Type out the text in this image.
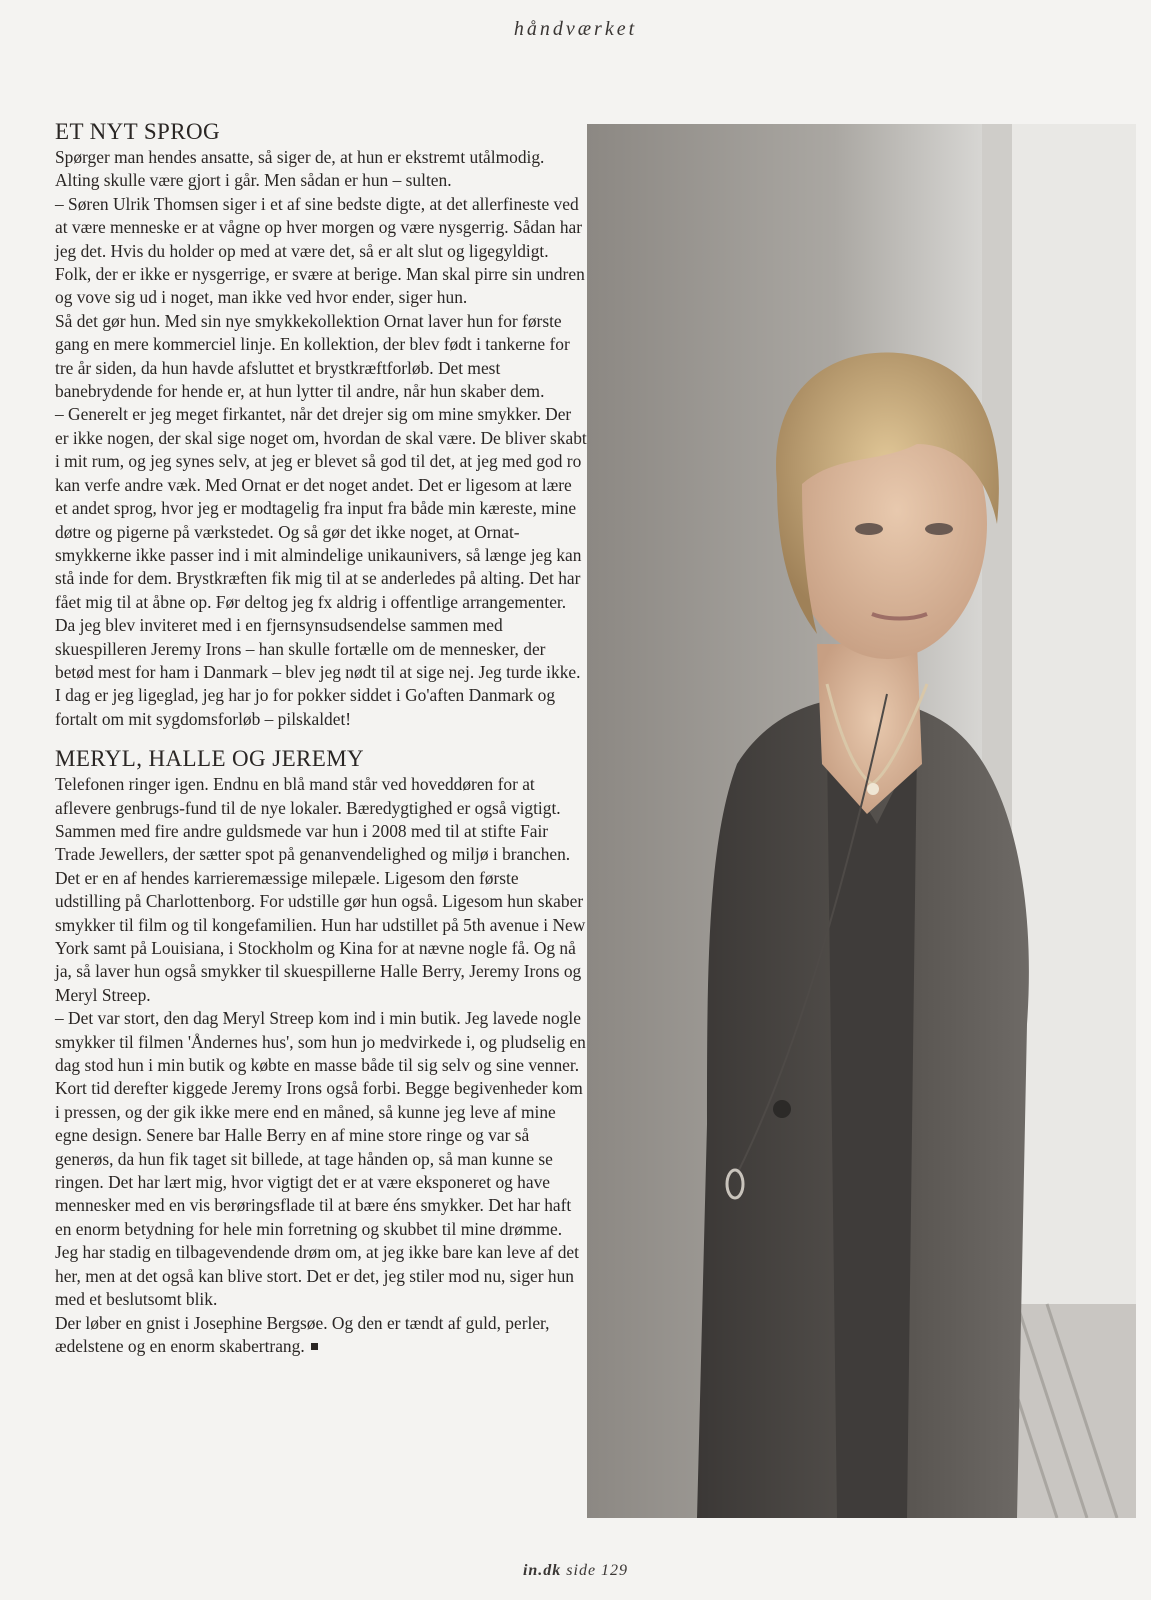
håndværket
ET NYT SPROG

Spørger man hendes ansatte, så siger de, at hun er ekstremt utålmodig. Alting skulle være gjort i går. Men sådan er hun – sulten.

– Søren Ulrik Thomsen siger i et af sine bedste digte, at det allerfineste ved at være menneske er at vågne op hver morgen og være nysgerrig. Sådan har jeg det. Hvis du holder op med at være det, så er alt slut og ligegyldigt. Folk, der er ikke er nysgerrige, er svære at berige. Man skal pirre sin undren og vove sig ud i noget, man ikke ved hvor ender, siger hun.

Så det gør hun. Med sin nye smykkekollektion Ornat laver hun for første gang en mere kommerciel linje. En kollektion, der blev født i tankerne for tre år siden, da hun havde afsluttet et brystkræftforløb. Det mest banebrydende for hende er, at hun lytter til andre, når hun skaber dem.

– Generelt er jeg meget firkantet, når det drejer sig om mine smykker. Der er ikke nogen, der skal sige noget om, hvordan de skal være. De bliver skabt i mit rum, og jeg synes selv, at jeg er blevet så god til det, at jeg med god ro kan verfe andre væk. Med Ornat er det noget andet. Det er ligesom at lære et andet sprog, hvor jeg er modtagelig fra input fra både min kæreste, mine døtre og pigerne på værkstedet. Og så gør det ikke noget, at Ornat-smykkerne ikke passer ind i mit almindelige unikaunivers, så længe jeg kan stå inde for dem. Brystkræften fik mig til at se anderledes på alting. Det har fået mig til at åbne op. Før deltog jeg fx aldrig i offentlige arrangementer. Da jeg blev inviteret med i en fjernsynsudsendelse sammen med skuespilleren Jeremy Irons – han skulle fortælle om de mennesker, der betød mest for ham i Danmark – blev jeg nødt til at sige nej. Jeg turde ikke. I dag er jeg ligeglad, jeg har jo for pokker siddet i Go'aften Danmark og fortalt om mit sygdomsforløb – pilskaldet!

MERYL, HALLE OG JEREMY

Telefonen ringer igen. Endnu en blå mand står ved hoveddøren for at aflevere genbrugs-fund til de nye lokaler. Bæredygtighed er også vigtigt. Sammen med fire andre guldsmede var hun i 2008 med til at stifte Fair Trade Jewellers, der sætter spot på genanvendelighed og miljø i branchen. Det er en af hendes karrieremæssige milepæle. Ligesom den første udstilling på Charlottenborg. For udstille gør hun også. Ligesom hun skaber smykker til film og til kongefamilien. Hun har udstillet på 5th avenue i New York samt på Louisiana, i Stockholm og Kina for at nævne nogle få. Og nå ja, så laver hun også smykker til skuespillerne Halle Berry, Jeremy Irons og Meryl Streep.

– Det var stort, den dag Meryl Streep kom ind i min butik. Jeg lavede nogle smykker til filmen 'Åndernes hus', som hun jo medvirkede i, og pludselig en dag stod hun i min butik og købte en masse både til sig selv og sine venner. Kort tid derefter kiggede Jeremy Irons også forbi. Begge begivenheder kom i pressen, og der gik ikke mere end en måned, så kunne jeg leve af mine egne design. Senere bar Halle Berry en af mine store ringe og var så generøs, da hun fik taget sit billede, at tage hånden op, så man kunne se ringen. Det har lært mig, hvor vigtigt det er at være eksponeret og have mennesker med en vis berøringsflade til at bære éns smykker. Det har haft en enorm betydning for hele min forretning og skubbet til mine drømme. Jeg har stadig en tilbagevendende drøm om, at jeg ikke bare kan leve af det her, men at det også kan blive stort. Det er det, jeg stiler mod nu, siger hun med et beslutsomt blik.

Der løber en gnist i Josephine Bergsøe. Og den er tændt af guld, perler, ædelstene og en enorm skabertrang.

in.dk side 129
